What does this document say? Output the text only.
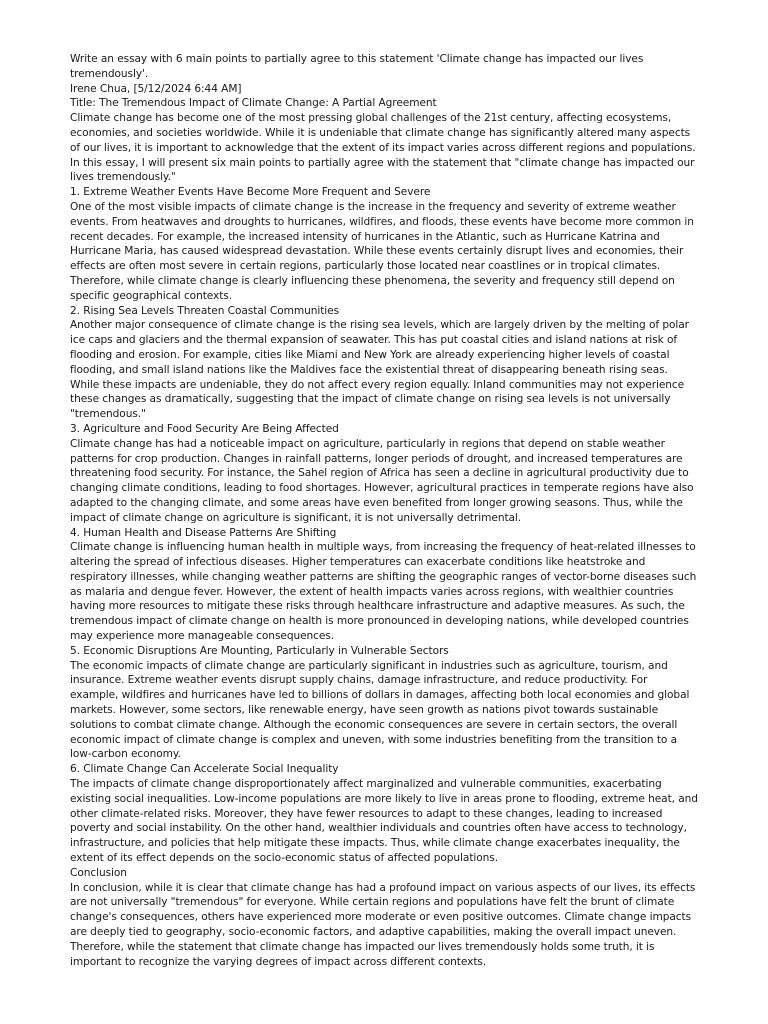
Write an essay with 6 main points to partially agree to this statement 'Climate change has impacted our lives tremendously'.

Irene Chua, [5/12/2024 6:44 AM]

Title: The Tremendous Impact of Climate Change: A Partial Agreement

Climate change has become one of the most pressing global challenges of the 21st century, affecting ecosystems, economies, and societies worldwide. While it is undeniable that climate change has significantly altered many aspects of our lives, it is important to acknowledge that the extent of its impact varies across different regions and populations. In this essay, I will present six main points to partially agree with the statement that "climate change has impacted our lives tremendously."

1. Extreme Weather Events Have Become More Frequent and Severe

One of the most visible impacts of climate change is the increase in the frequency and severity of extreme weather events. From heatwaves and droughts to hurricanes, wildfires, and floods, these events have become more common in recent decades. For example, the increased intensity of hurricanes in the Atlantic, such as Hurricane Katrina and Hurricane Maria, has caused widespread devastation. While these events certainly disrupt lives and economies, their effects are often most severe in certain regions, particularly those located near coastlines or in tropical climates. Therefore, while climate change is clearly influencing these phenomena, the severity and frequency still depend on specific geographical contexts.

2. Rising Sea Levels Threaten Coastal Communities

Another major consequence of climate change is the rising sea levels, which are largely driven by the melting of polar ice caps and glaciers and the thermal expansion of seawater. This has put coastal cities and island nations at risk of flooding and erosion. For example, cities like Miami and New York are already experiencing higher levels of coastal flooding, and small island nations like the Maldives face the existential threat of disappearing beneath rising seas. While these impacts are undeniable, they do not affect every region equally. Inland communities may not experience these changes as dramatically, suggesting that the impact of climate change on rising sea levels is not universally "tremendous."

3. Agriculture and Food Security Are Being Affected

Climate change has had a noticeable impact on agriculture, particularly in regions that depend on stable weather patterns for crop production. Changes in rainfall patterns, longer periods of drought, and increased temperatures are threatening food security. For instance, the Sahel region of Africa has seen a decline in agricultural productivity due to changing climate conditions, leading to food shortages. However, agricultural practices in temperate regions have also adapted to the changing climate, and some areas have even benefited from longer growing seasons. Thus, while the impact of climate change on agriculture is significant, it is not universally detrimental.

4. Human Health and Disease Patterns Are Shifting

Climate change is influencing human health in multiple ways, from increasing the frequency of heat-related illnesses to altering the spread of infectious diseases. Higher temperatures can exacerbate conditions like heatstroke and respiratory illnesses, while changing weather patterns are shifting the geographic ranges of vector-borne diseases such as malaria and dengue fever. However, the extent of health impacts varies across regions, with wealthier countries having more resources to mitigate these risks through healthcare infrastructure and adaptive measures. As such, the tremendous impact of climate change on health is more pronounced in developing nations, while developed countries may experience more manageable consequences.

5. Economic Disruptions Are Mounting, Particularly in Vulnerable Sectors

The economic impacts of climate change are particularly significant in industries such as agriculture, tourism, and insurance. Extreme weather events disrupt supply chains, damage infrastructure, and reduce productivity. For example, wildfires and hurricanes have led to billions of dollars in damages, affecting both local economies and global markets. However, some sectors, like renewable energy, have seen growth as nations pivot towards sustainable solutions to combat climate change. Although the economic consequences are severe in certain sectors, the overall economic impact of climate change is complex and uneven, with some industries benefiting from the transition to a low-carbon economy.

6. Climate Change Can Accelerate Social Inequality

The impacts of climate change disproportionately affect marginalized and vulnerable communities, exacerbating existing social inequalities. Low-income populations are more likely to live in areas prone to flooding, extreme heat, and other climate-related risks. Moreover, they have fewer resources to adapt to these changes, leading to increased poverty and social instability. On the other hand, wealthier individuals and countries often have access to technology, infrastructure, and policies that help mitigate these impacts. Thus, while climate change exacerbates inequality, the extent of its effect depends on the socio-economic status of affected populations.

Conclusion

In conclusion, while it is clear that climate change has had a profound impact on various aspects of our lives, its effects are not universally "tremendous" for everyone. While certain regions and populations have felt the brunt of climate change's consequences, others have experienced more moderate or even positive outcomes. Climate change impacts are deeply tied to geography, socio-economic factors, and adaptive capabilities, making the overall impact uneven. Therefore, while the statement that climate change has impacted our lives tremendously holds some truth, it is important to recognize the varying degrees of impact across different contexts.
